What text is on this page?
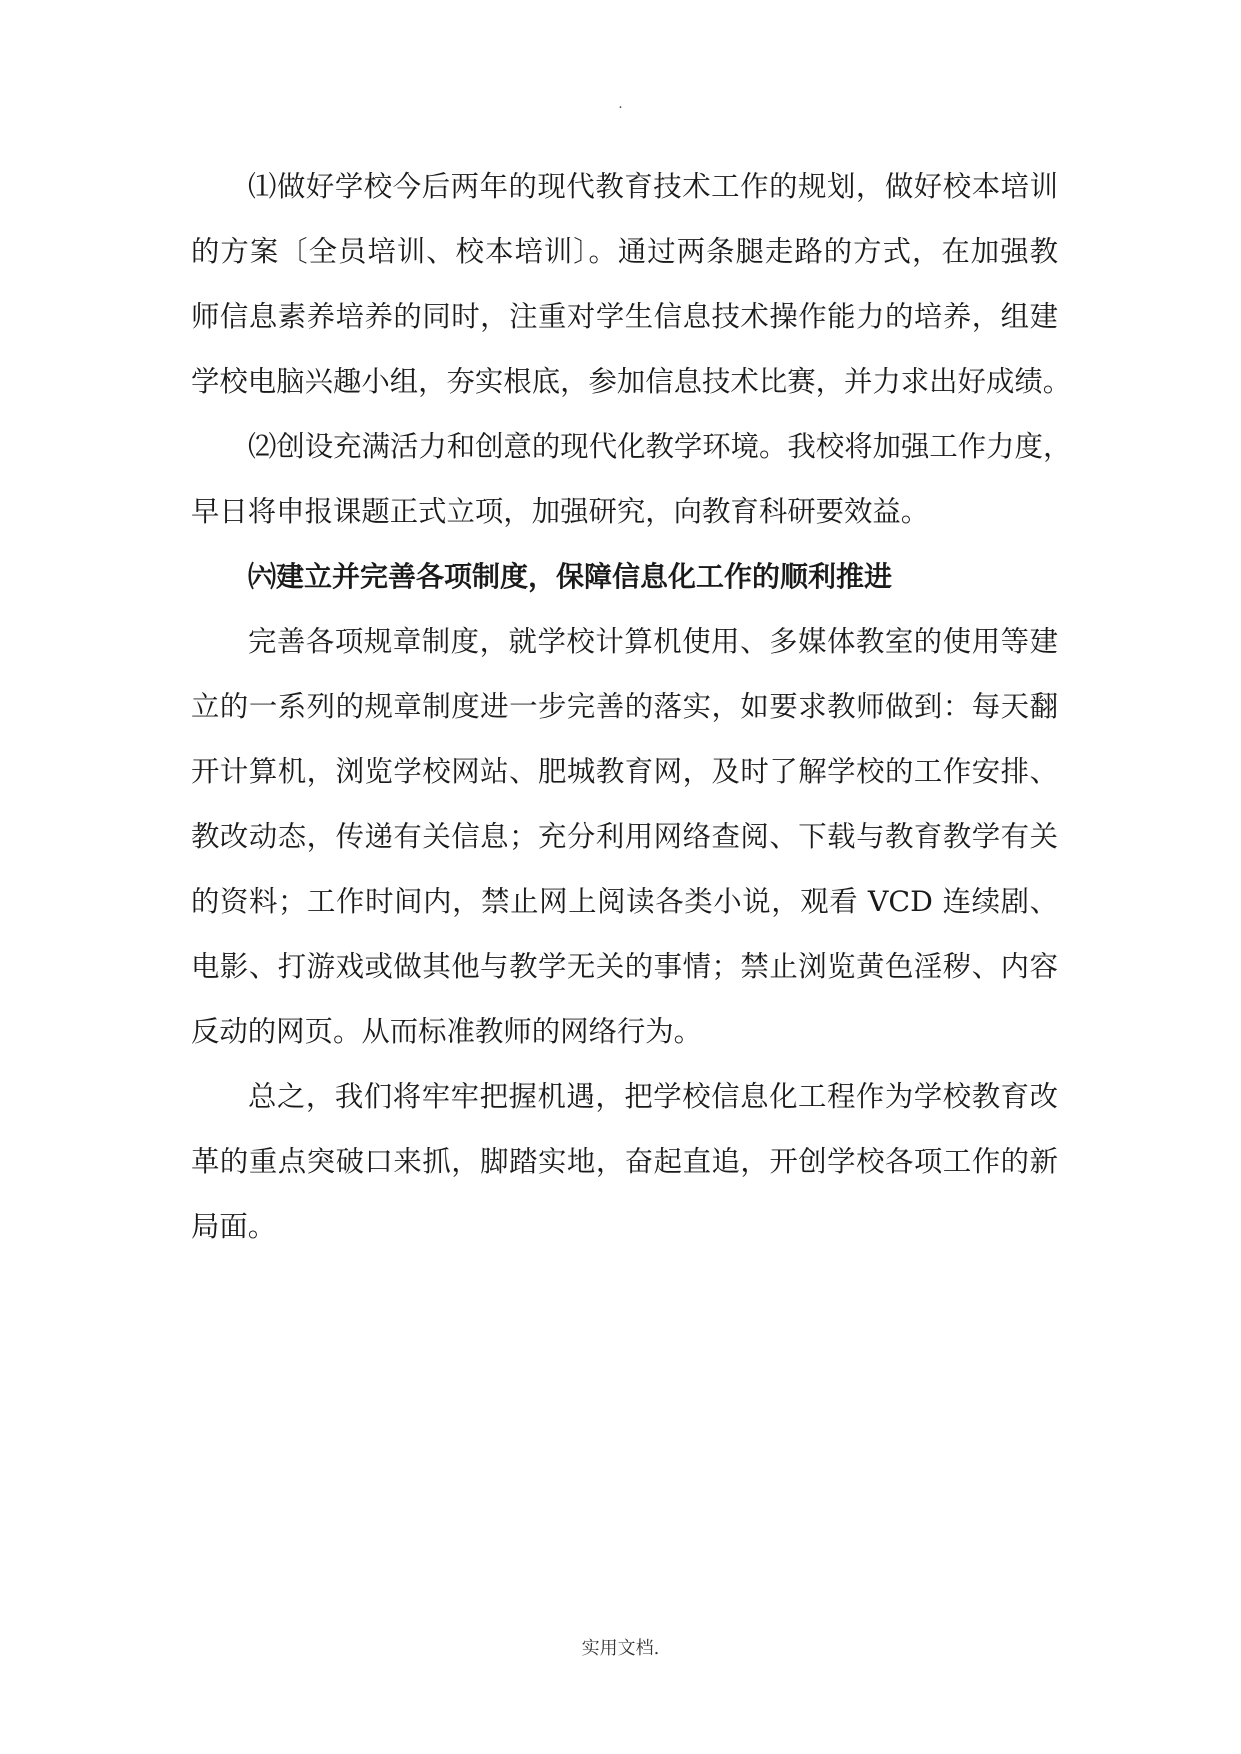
.
⑴做好学校今后两年的现代教育技术工作的规划，做好校本培训
的方案〔全员培训、校本培训〕。通过两条腿走路的方式，在加强教
师信息素养培养的同时，注重对学生信息技术操作能力的培养，组建
学校电脑兴趣小组，夯实根底，参加信息技术比赛，并力求出好成绩。
⑵创设充满活力和创意的现代化教学环境。我校将加强工作力度，
早日将申报课题正式立项，加强研究，向教育科研要效益。
㈥建立并完善各项制度，保障信息化工作的顺利推进
完善各项规章制度，就学校计算机使用、多媒体教室的使用等建
立的一系列的规章制度进一步完善的落实，如要求教师做到：每天翻
开计算机，浏览学校网站、肥城教育网，及时了解学校的工作安排、
教改动态，传递有关信息；充分利用网络查阅、下载与教育教学有关
的资料；工作时间内，禁止网上阅读各类小说，观看 VCD 连续剧、
电影、打游戏或做其他与教学无关的事情；禁止浏览黄色淫秽、内容
反动的网页。从而标准教师的网络行为。
总之，我们将牢牢把握机遇，把学校信息化工程作为学校教育改
革的重点突破口来抓，脚踏实地，奋起直追，开创学校各项工作的新
局面。
实用文档.
